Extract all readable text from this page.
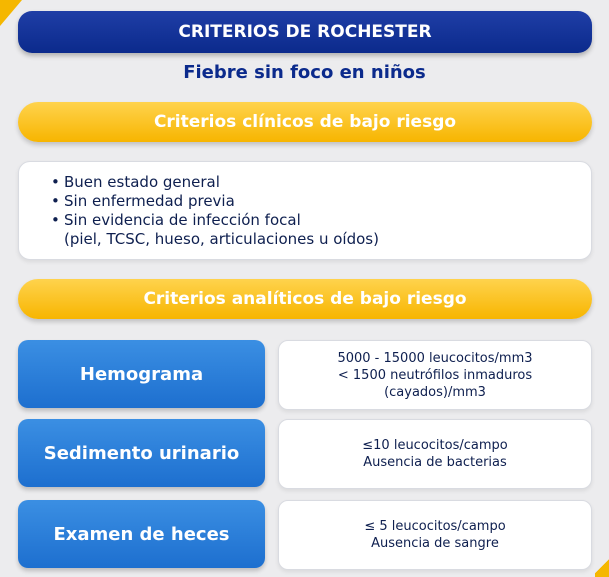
CRITERIOS DE ROCHESTER
Fiebre sin foco en niños
Criterios clínicos de bajo riesgo
• Buen estado general
• Sin enfermedad previa
• Sin evidencia de infección focal
(piel, TCSC, hueso, articulaciones u oídos)
Criterios analíticos de bajo riesgo
Hemograma
5000 - 15000 leucocitos/mm3
< 1500 neutrófilos inmaduros
(cayados)/mm3
Sedimento urinario	≤10 leucocitos/campo
Ausencia de bacterias
Examen de heces	≤ 5 leucocitos/campo
Ausencia de sangre
